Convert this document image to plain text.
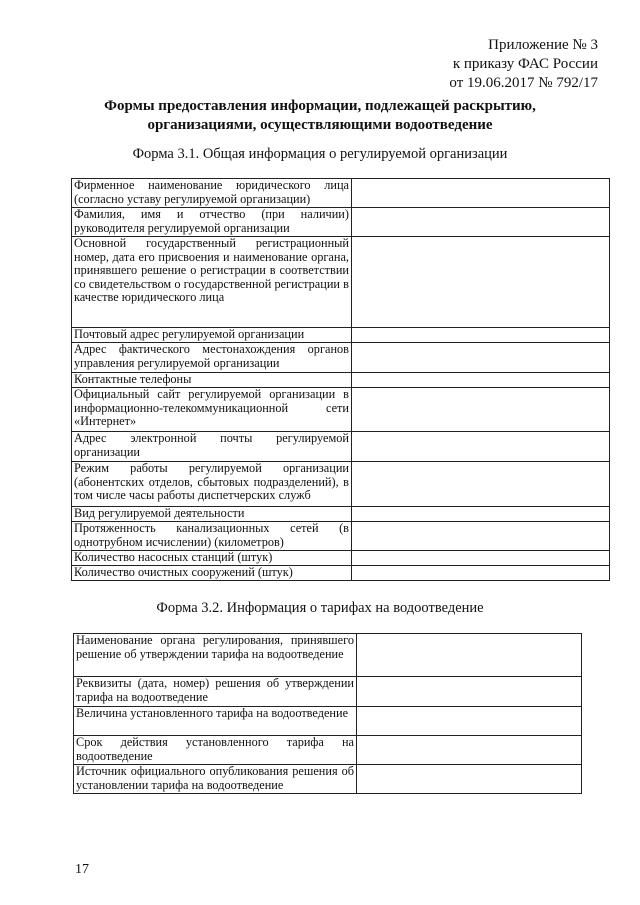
Приложение № 3
к приказу ФАС России
от 19.06.2017 № 792/17
Формы предоставления информации, подлежащей раскрытию,
организациями, осуществляющими водоотведение
Форма 3.1. Общая информация о регулируемой организации
Фирменное наименование юридического лица (согласно уставу регулируемой организации)	
Фамилия, имя и отчество (при наличии) руководителя регулируемой организации	
Основной государственный регистрационный номер, дата его присвоения и наименование органа, принявшего решение о регистрации в соответствии со свидетельством о государственной регистрации в качестве юридического лица	
Почтовый адрес регулируемой организации	
Адрес фактического местонахождения органов управления регулируемой организации	
Контактные телефоны	
Официальный сайт регулируемой организации в информационно-телекоммуникационной сети «Интернет»	
Адрес электронной почты регулируемой организации	
Режим работы регулируемой организации (абонентских отделов, сбытовых подразделений), в том числе часы работы диспетчерских служб	
Вид регулируемой деятельности	
Протяженность канализационных сетей (в однотрубном исчислении) (километров)	
Количество насосных станций (штук)	
Количество очистных сооружений (штук)	
Форма 3.2. Информация о тарифах на водоотведение
Наименование органа регулирования, принявшего решение об утверждении тарифа на водоотведение	
Реквизиты (дата, номер) решения об утверждении тарифа на водоотведение	
Величина установленного тарифа на водоотведение	
Срок действия установленного тарифа на водоотведение	
Источник официального опубликования решения об установлении тарифа на водоотведение	
17
